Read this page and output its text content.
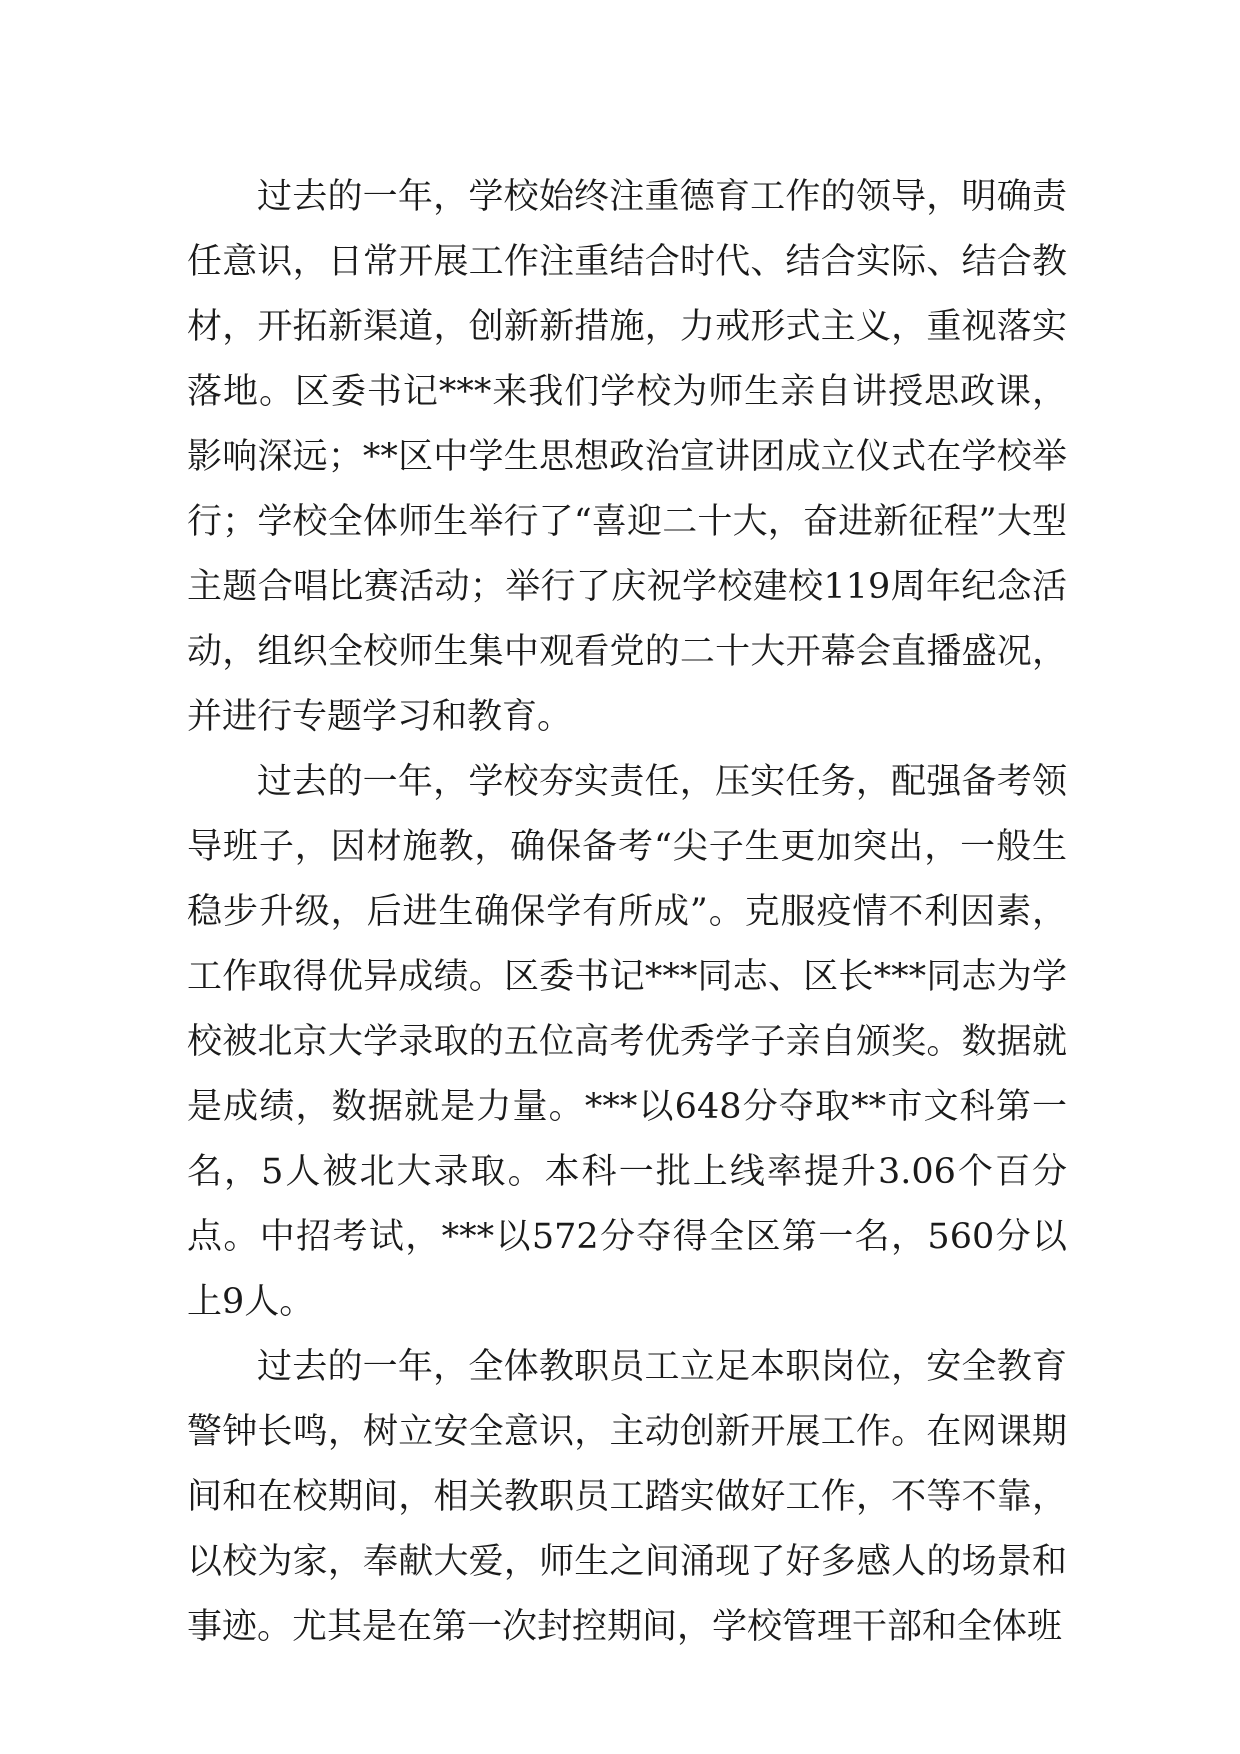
过去的一年，学校始终注重德育工作的领导，明确责任意识，日常开展工作注重结合时代、结合实际、结合教材，开拓新渠道，创新新措施，力戒形式主义，重视落实落地。区委书记***来我们学校为师生亲自讲授思政课，影响深远；**区中学生思想政治宣讲团成立仪式在学校举行；学校全体师生举行了“喜迎二十大，奋进新征程”大型主题合唱比赛活动；举行了庆祝学校建校119周年纪念活动，组织全校师生集中观看党的二十大开幕会直播盛况，并进行专题学习和教育。

过去的一年，学校夯实责任，压实任务，配强备考领导班子，因材施教，确保备考“尖子生更加突出，一般生稳步升级，后进生确保学有所成”。克服疫情不利因素，工作取得优异成绩。区委书记***同志、区长***同志为学校被北京大学录取的五位高考优秀学子亲自颁奖。数据就是成绩，数据就是力量。***以648分夺取**市文科第一名，5人被北大录取。本科一批上线率提升3.06个百分点。中招考试，***以572分夺得全区第一名，560分以上9人。

过去的一年，全体教职员工立足本职岗位，安全教育警钟长鸣，树立安全意识，主动创新开展工作。在网课期间和在校期间，相关教职员工踏实做好工作，不等不靠，以校为家，奉献大爱，师生之间涌现了好多感人的场景和事迹。尤其是在第一次封控期间，学校管理干部和全体班
